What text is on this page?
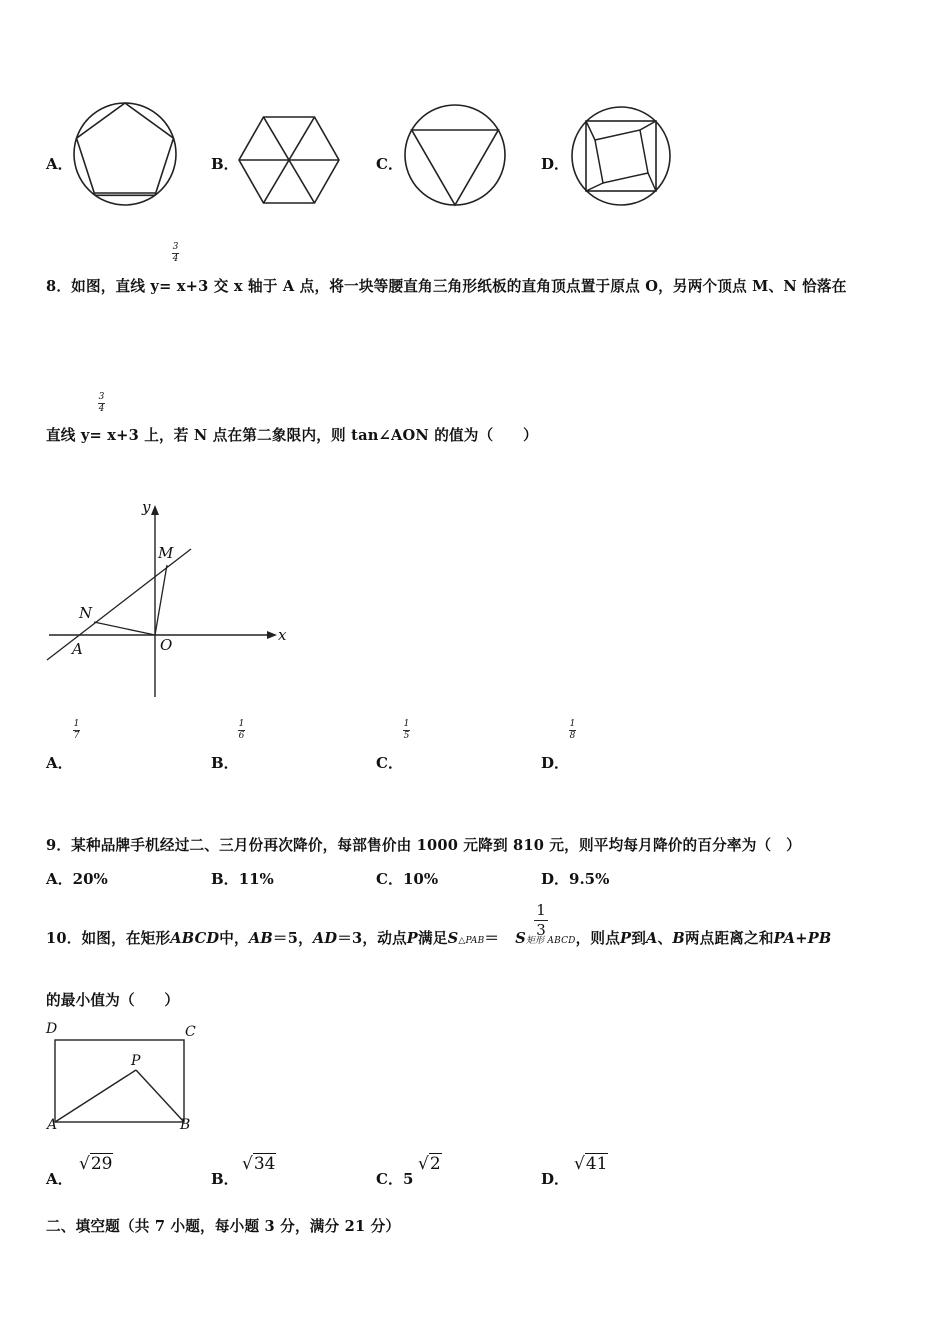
A．	B．	C．	D．
3
4
8．如图，直线 y= x+3 交 x 轴于 A 点，将一块等腰直角三角形纸板的直角顶点置于原点 O，另两个顶点 M、N 恰落在
3
4
直线 y= x+3 上，若 N 点在第二象限内，则 tan∠AON 的值为（　　）
y
x
M
N
A	O
A．
1
7
B．
1
6
C．
1
5
D．
1
8
9．某种品牌手机经过二、三月份再次降价，每部售价由 1000 元降到 810 元，则平均每月降价的百分率为（　）
A．20%	B．11%	C．10%	D．9.5%
10．如图，在矩形ABCD中，AB＝5，AD＝3，动点P满足S△PAB＝ S矩形 ABCD，则点P到A、B两点距离之和PA+PB
1
3
的最小值为（　　）
D	C
P
A	B
A．
√29
B．
√34
C．5
√2
D．
√41
二、填空题（共 7 小题，每小题 3 分，满分 21 分）
